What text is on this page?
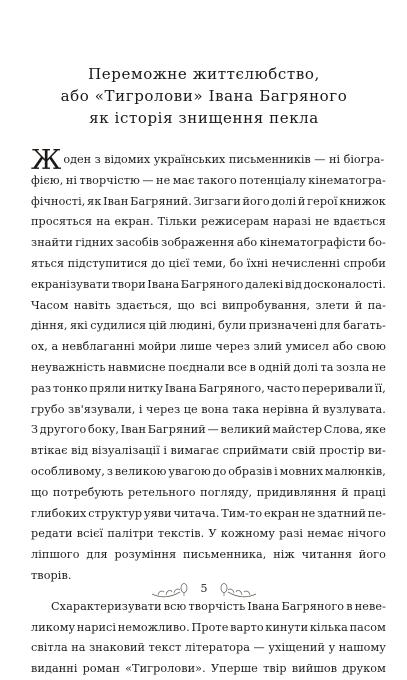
Переможне життєлюбство,
або «Тигролови» Івана Багряного
як історія знищення пекла
Ж оден з відомих українських письменників — ні біогра-
фією, ні творчістю — не має такого потенціалу кінематогра-
фічності, як Іван Багряний. Зигзаги його долі й герої книжок
просяться на екран. Тільки режисерам наразі не вдається
знайти гідних засобів зображення або кінематографісти бо-
яться підступитися до цієї теми, бо їхні нечисленні спроби
екранізувати твори Івана Багряного далекі від досконалості.
Часом навіть здається, що всі випробування, злети й па-
діння, які судилися цій людині, були призначені для багать-
ох, а невблаганні мойри лише через злий умисел або свою
неуважність навмисне поєднали все в одній долі та зозла не
раз тонко пряли нитку Івана Багряного, часто переривали її,
грубо зв'язували, і через це вона така нерівна й вузлувата.
З другого боку, Іван Багряний — великий майстер Слова, яке
втікає від візуалізації і вимагає сприймати свій простір ви-
особливому, з великою увагою до образів і мовних малюнків,
що потребують ретельного погляду, придивляння й праці
глибоких структур уяви читача. Тим-то екран не здатний пе-
редати всієї палітри текстів. У кожному разі немає нічого
ліпшого для розуміння письменника, ніж читання його
творів.
Схарактеризувати всю творчість Івана Багряного в неве-
ликому нарисі неможливо. Проте варто кинути кілька пасом
світла на знаковий текст літератора — ухіщений у нашому
виданні роман «Тигролови». Уперше твір вийшов друком
5
